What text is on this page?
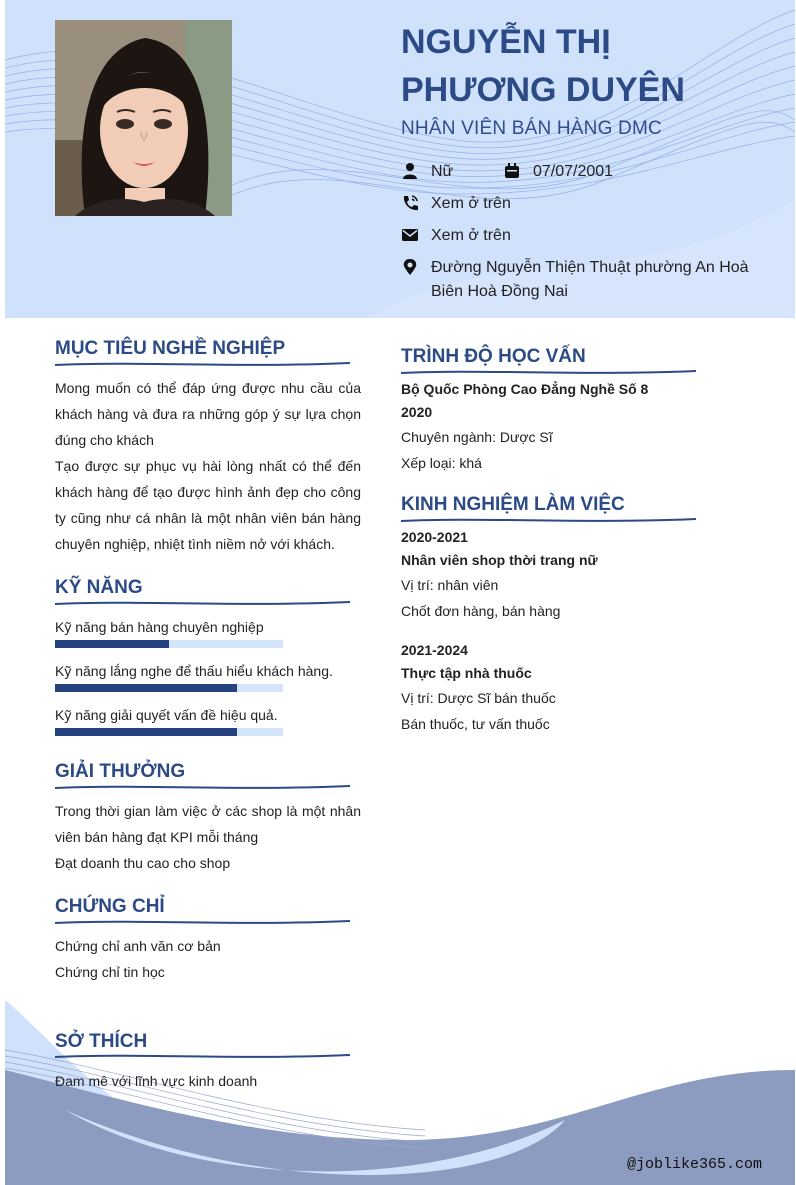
NGUYỄN THỊ
PHƯƠNG DUYÊN
NHÂN VIÊN BÁN HÀNG DMC
Nữ	07/07/2001
Xem ở trên
Xem ở trên
Đường Nguyễn Thiện Thuật phường An Hoà
Biên Hoà Đồng Nai
MỤC TIÊU NGHỀ NGHIỆP
Mong muốn có thể đáp ứng được nhu cầu của khách hàng và đưa ra những góp ý sự lựa chọn đúng cho khách
Tạo được sự phục vụ hài lòng nhất có thể đến khách hàng để tạo được hình ảnh đẹp cho công ty cũng như cá nhân là một nhân viên bán hàng chuyên nghiệp, nhiệt tình niềm nở với khách.
KỸ NĂNG
Kỹ năng bán hàng chuyên nghiệp
Kỹ năng lắng nghe để thấu hiểu khách hàng.
Kỹ năng giải quyết vấn đề hiệu quả.
GIẢI THƯỞNG
Trong thời gian làm việc ở các shop là một nhân viên bán hàng đạt KPI mỗi tháng
Đạt doanh thu cao cho shop
CHỨNG CHỈ
Chứng chỉ anh văn cơ bản
Chứng chỉ tin học
SỞ THÍCH
Đam mê với lĩnh vực kinh doanh
TRÌNH ĐỘ HỌC VẤN
Bộ Quốc Phòng Cao Đẳng Nghề Số 8
2020
Chuyên ngành: Dược Sĩ
Xếp loại: khá
KINH NGHIỆM LÀM VIỆC
2020-2021
Nhân viên shop thời trang nữ
Vị trí: nhân viên
Chốt đơn hàng, bán hàng
2021-2024
Thực tập nhà thuốc
Vị trí: Dược Sĩ bán thuốc
Bán thuốc, tư vấn thuốc
@joblike365.com
